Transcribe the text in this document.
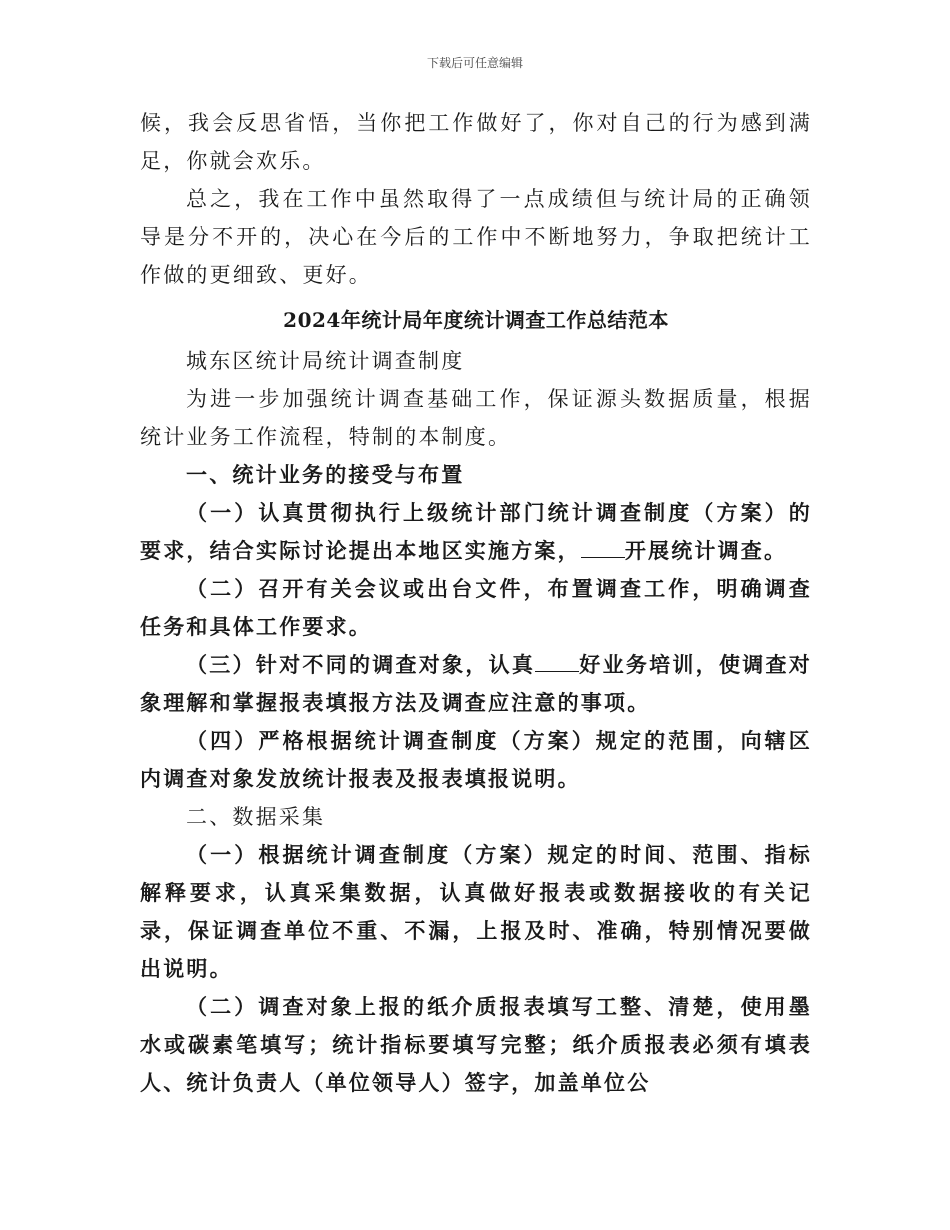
下载后可任意编辑

候，我会反思省悟，当你把工作做好了，你对自己的行为感到满足，你就会欢乐。

总之，我在工作中虽然取得了一点成绩但与统计局的正确领导是分不开的，决心在今后的工作中不断地努力，争取把统计工作做的更细致、更好。

2024年统计局年度统计调查工作总结范本

城东区统计局统计调查制度

为进一步加强统计调查基础工作，保证源头数据质量，根据统计业务工作流程，特制的本制度。

一、统计业务的接受与布置

（一）认真贯彻执行上级统计部门统计调查制度（方案）的要求，结合实际讨论提出本地区实施方案， 开展统计调查。

（二）召开有关会议或出台文件，布置调查工作，明确调查任务和具体工作要求。

（三）针对不同的调查对象，认真 好业务培训，使调查对象理解和掌握报表填报方法及调查应注意的事项。

（四）严格根据统计调查制度（方案）规定的范围，向辖区内调查对象发放统计报表及报表填报说明。

二、数据采集

（一）根据统计调查制度（方案）规定的时间、范围、指标解释要求，认真采集数据，认真做好报表或数据接收的有关记录，保证调查单位不重、不漏，上报及时、准确，特别情况要做出说明。

（二）调查对象上报的纸介质报表填写工整、清楚，使用墨水或碳素笔填写；统计指标要填写完整；纸介质报表必须有填表人、统计负责人（单位领导人）签字，加盖单位公
